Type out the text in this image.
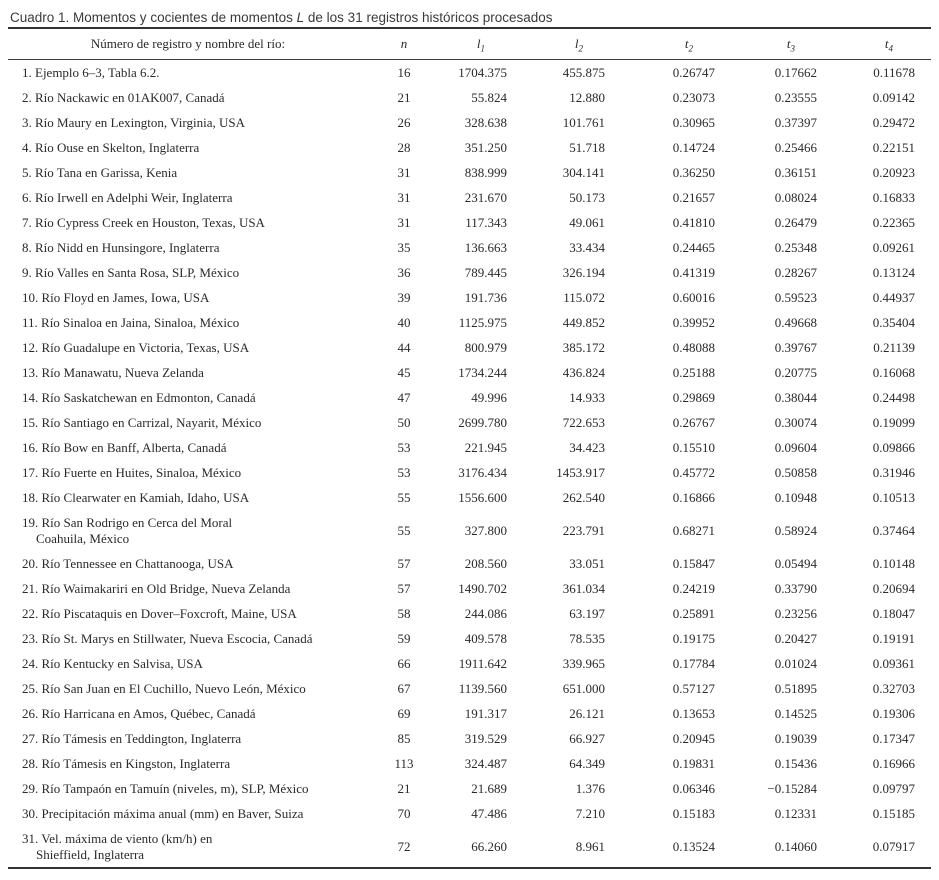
Cuadro 1. Momentos y cocientes de momentos L de los 31 registros históricos procesados
Número de registro y nombre del río:	n	$l_1$	$l_2$	$t_2$	$t_3$	$t_4$

1. Ejemplo 6–3, Tabla 6.2.	16	1704.375	455.875	0.26747	0.17662	0.11678

2. Río Nackawic en 01AK007, Canadá	21	55.824	12.880	0.23073	0.23555	0.09142

3. Río Maury en Lexington, Virginia, USA	26	328.638	101.761	0.30965	0.37397	0.29472

4. Río Ouse en Skelton, Inglaterra	28	351.250	51.718	0.14724	0.25466	0.22151

5. Río Tana en Garissa, Kenia	31	838.999	304.141	0.36250	0.36151	0.20923

6. Río Irwell en Adelphi Weir, Inglaterra	31	231.670	50.173	0.21657	0.08024	0.16833

7. Río Cypress Creek en Houston, Texas, USA	31	117.343	49.061	0.41810	0.26479	0.22365

8. Río Nidd en Hunsingore, Inglaterra	35	136.663	33.434	0.24465	0.25348	0.09261

9. Río Valles en Santa Rosa, SLP, México	36	789.445	326.194	0.41319	0.28267	0.13124

10. Río Floyd en James, Iowa, USA	39	191.736	115.072	0.60016	0.59523	0.44937

11. Río Sinaloa en Jaina, Sinaloa, México	40	1125.975	449.852	0.39952	0.49668	0.35404

12. Río Guadalupe en Victoria, Texas, USA	44	800.979	385.172	0.48088	0.39767	0.21139

13. Río Manawatu, Nueva Zelanda	45	1734.244	436.824	0.25188	0.20775	0.16068

14. Río Saskatchewan en Edmonton, Canadá	47	49.996	14.933	0.29869	0.38044	0.24498

15. Río Santiago en Carrizal, Nayarit, México	50	2699.780	722.653	0.26767	0.30074	0.19099

16. Río Bow en Banff, Alberta, Canadá	53	221.945	34.423	0.15510	0.09604	0.09866

17. Río Fuerte en Huites, Sinaloa, México	53	3176.434	1453.917	0.45772	0.50858	0.31946

18. Río Clearwater en Kamiah, Idaho, USA	55	1556.600	262.540	0.16866	0.10948	0.10513

19. Río San Rodrigo en Cerca del Moral
Coahuila, México	55	327.800	223.791	0.68271	0.58924	0.37464

20. Río Tennessee en Chattanooga, USA	57	208.560	33.051	0.15847	0.05494	0.10148

21. Río Waimakariri en Old Bridge, Nueva Zelanda	57	1490.702	361.034	0.24219	0.33790	0.20694

22. Río Piscataquis en Dover–Foxcroft, Maine, USA	58	244.086	63.197	0.25891	0.23256	0.18047

23. Río St. Marys en Stillwater, Nueva Escocia, Canadá	59	409.578	78.535	0.19175	0.20427	0.19191

24. Río Kentucky en Salvisa, USA	66	1911.642	339.965	0.17784	0.01024	0.09361

25. Río San Juan en El Cuchillo, Nuevo León, México	67	1139.560	651.000	0.57127	0.51895	0.32703

26. Río Harricana en Amos, Québec, Canadá	69	191.317	26.121	0.13653	0.14525	0.19306

27. Río Támesis en Teddington, Inglaterra	85	319.529	66.927	0.20945	0.19039	0.17347

28. Río Támesis en Kingston, Inglaterra	113	324.487	64.349	0.19831	0.15436	0.16966

29. Río Tampaón en Tamuín (niveles, m), SLP, México	21	21.689	1.376	0.06346	−0.15284	0.09797

30. Precipitación máxima anual (mm) en Baver, Suiza	70	47.486	7.210	0.15183	0.12331	0.15185

31. Vel. máxima de viento (km/h) en
Shieffield, Inglaterra	72	66.260	8.961	0.13524	0.14060	0.07917
